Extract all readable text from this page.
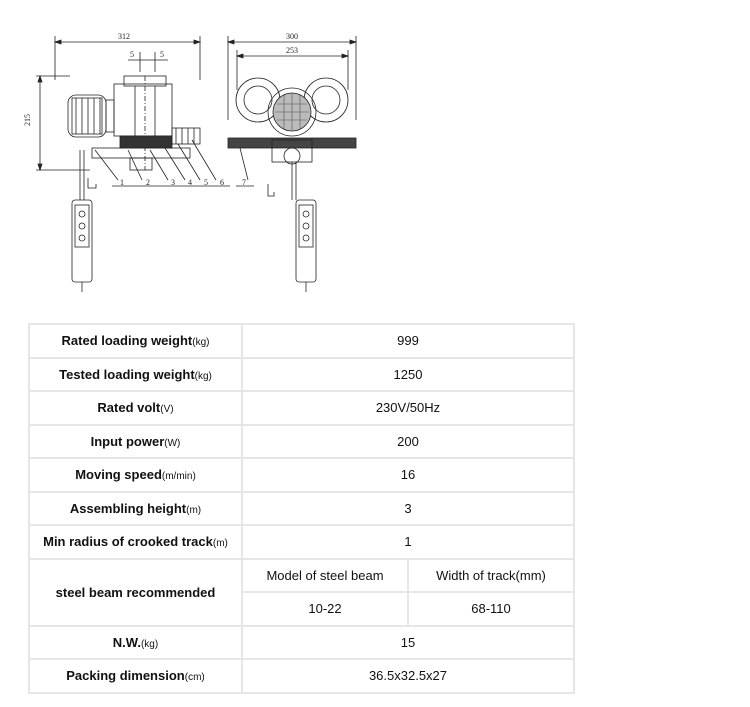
312
215
5	5
1	2	3 4 5 6
300
253
7
Rated loading weight(kg)	999	
Tested loading weight(kg)	1250	
Rated volt(V)	230V/50Hz	
Input power(W)	200	
Moving speed(m/min)	16	
Assembling height(m)	3	
Min radius of crooked track(m)	1	
steel beam recommended	Model of steel beam	Width of track(mm)
	10-22	68-110
N.W.(kg)	15	
Packing dimension(cm)	36.5x32.5x27	
